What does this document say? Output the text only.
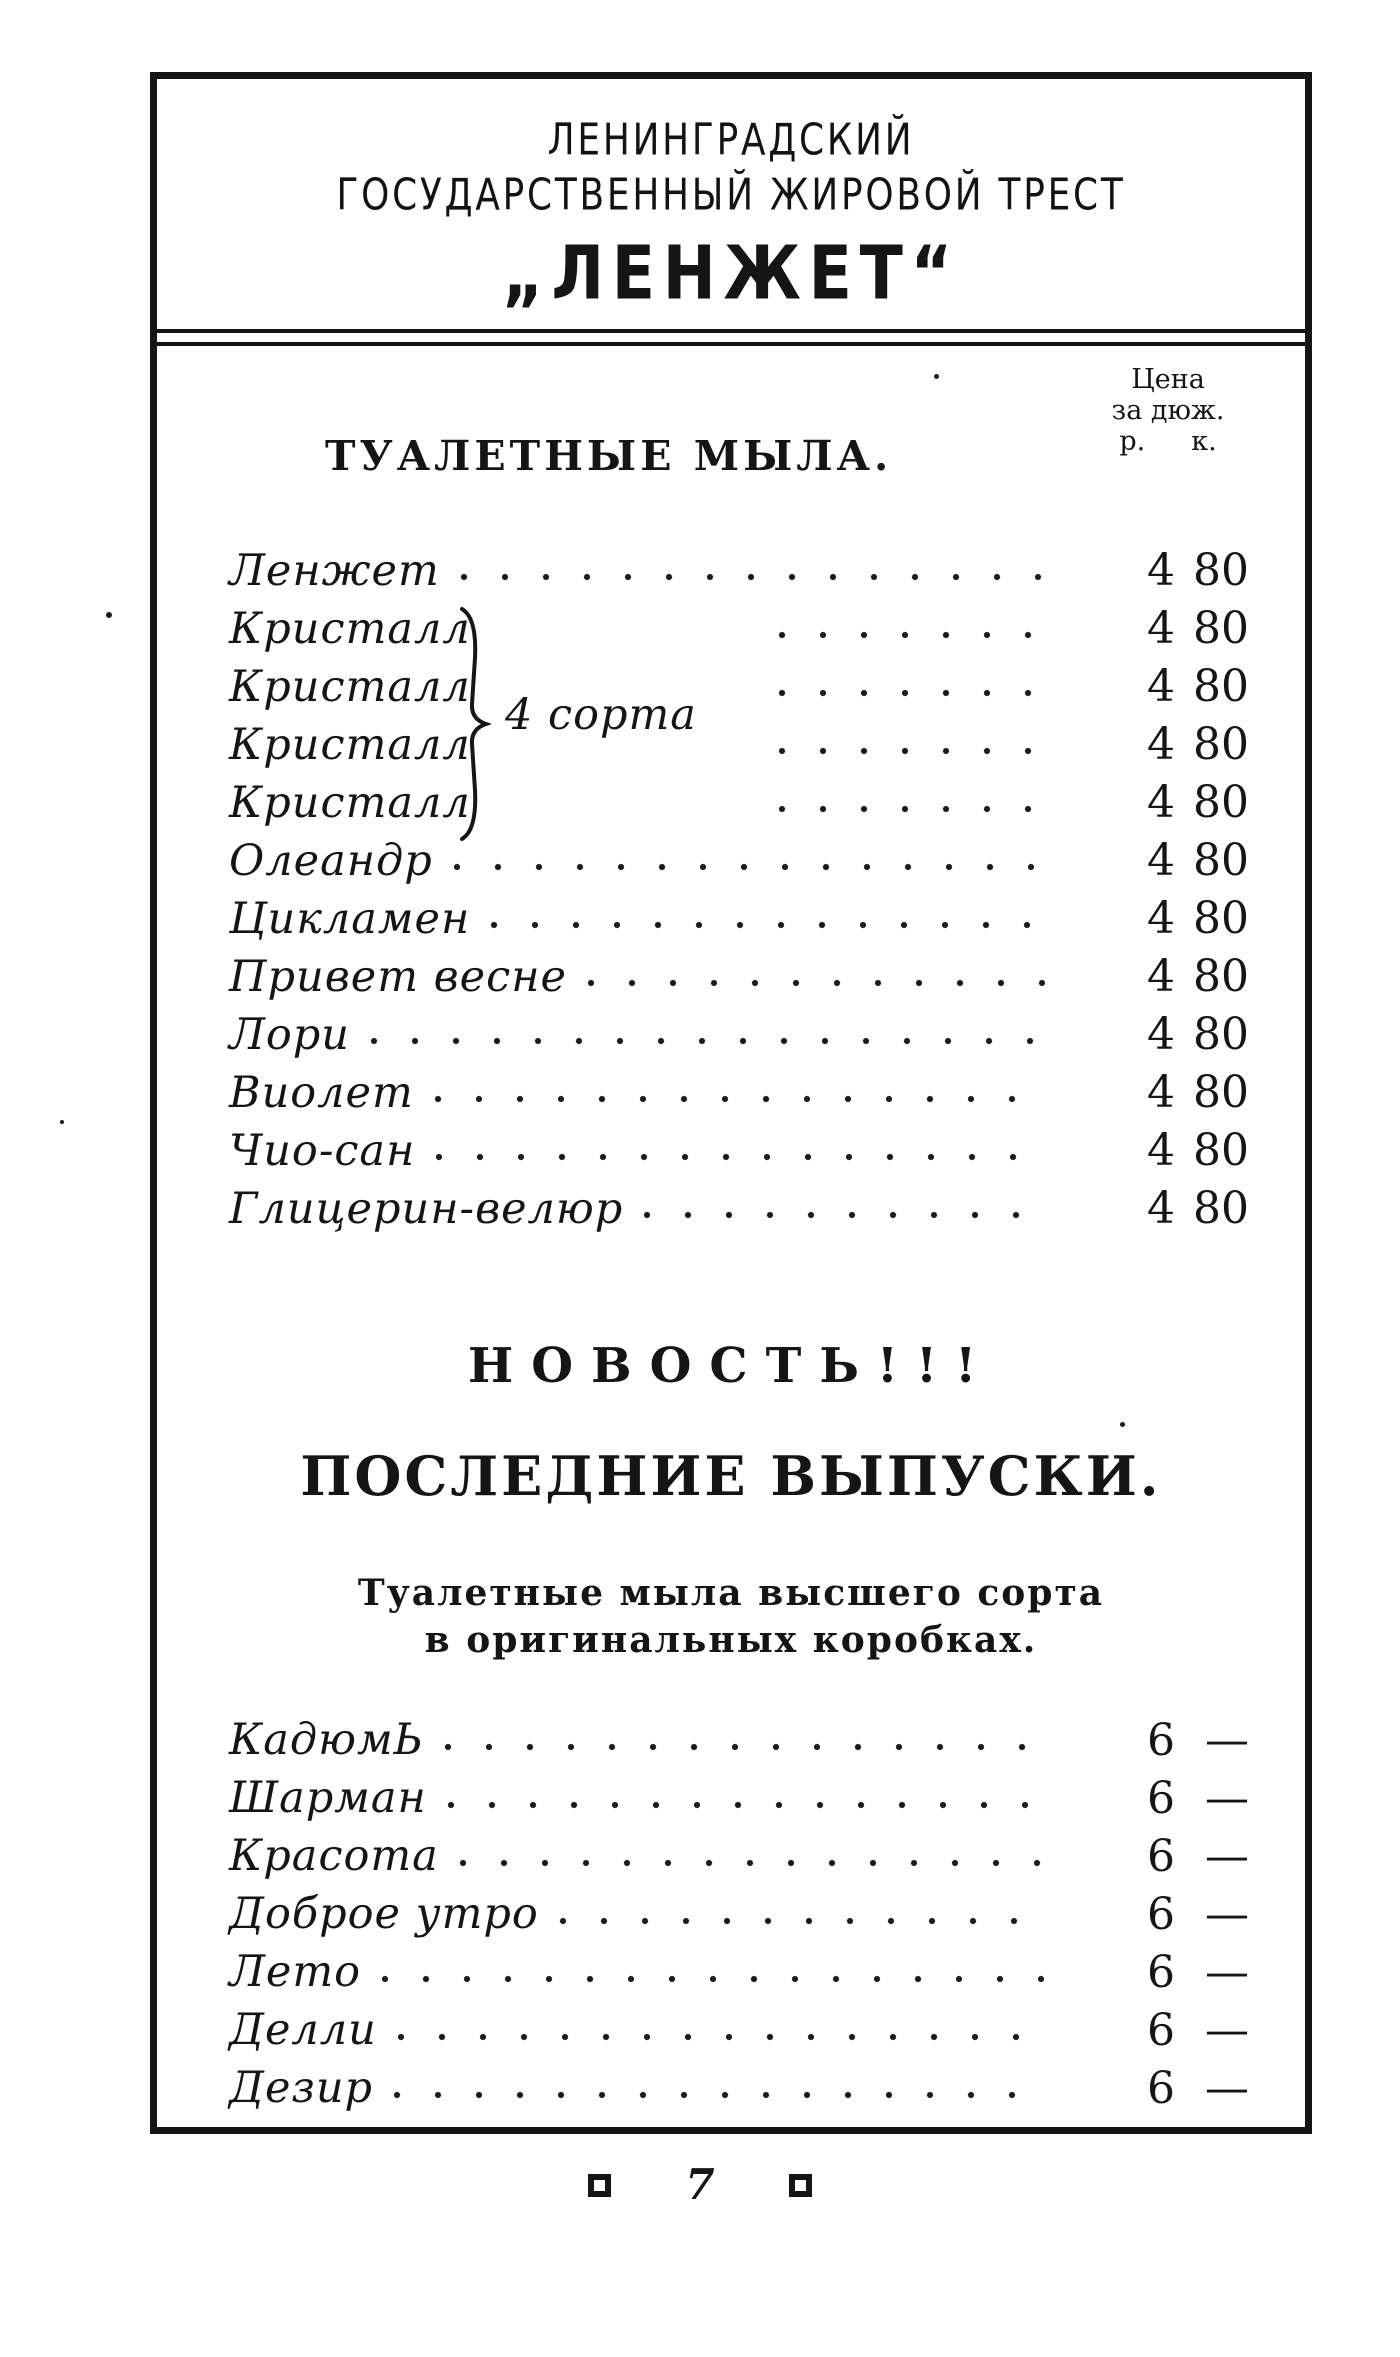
ЛЕНИНГРАДСКИЙ
ГОСУДАРСТВЕННЫЙ ЖИРОВОЙ ТРЕСТ
„ЛЕНЖЕТ“
ТУАЛЕТНЫЕ МЫЛА.
Цена
за дюж.
р. к.
Ленжет	4 80
Кристалл	4 80
Кристалл	4 80
Кристалл	4 80
Кристалл	4 80
Олеандр	4 80
Цикламен	4 80
Привет весне	4 80
Лори	4 80
Виолет	4 80
Чио-сан	4 80
Глицерин-велюр	4 80
4 сорта
НОВОСТЬ!!!
ПОСЛЕДНИЕ ВЫПУСКИ.
Туалетные мыла высшего сорта
в оригинальных коробках.
КадюмЬ	6 —
Шарман	6 —
Красота	6 —
Доброе утро	6 —
Лето	6 —
Делли	6 —
Дезир	6 —
7
